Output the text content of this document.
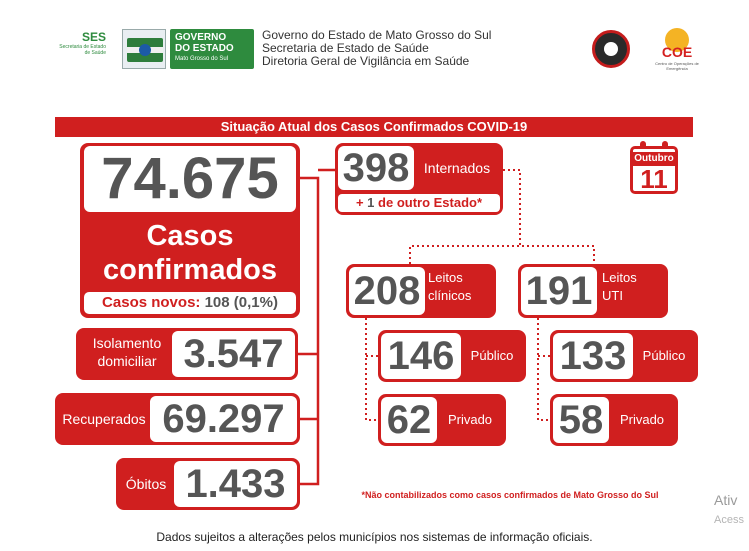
SES
Secretaria de Estado
de Saúde
GOVERNO
DO ESTADO
Mato Grosso do Sul
Governo do Estado de Mato Grosso do Sul
Secretaria de Estado de Saúde
Diretoria Geral de Vigilância em Saúde
COE
Centro de Operações de Emergência
Situação Atual dos Casos Confirmados COVID-19
74.675
Casos
confirmados
Casos novos: 108 (0,1%)
Isolamento
domiciliar 3.547
Recuperados 69.297
Óbitos 1.433
398	Internados
+ 1 de outro Estado*
Outubro
11
208 Leitos
clínicos	191 Leitos
UTI
146	Público
62	Privado
133	Público
58	Privado
*Não contabilizados como casos confirmados de Mato Grosso do Sul
Dados sujeitos a alterações pelos municípios nos sistemas de informação oficiais.
Ativ
Acess
